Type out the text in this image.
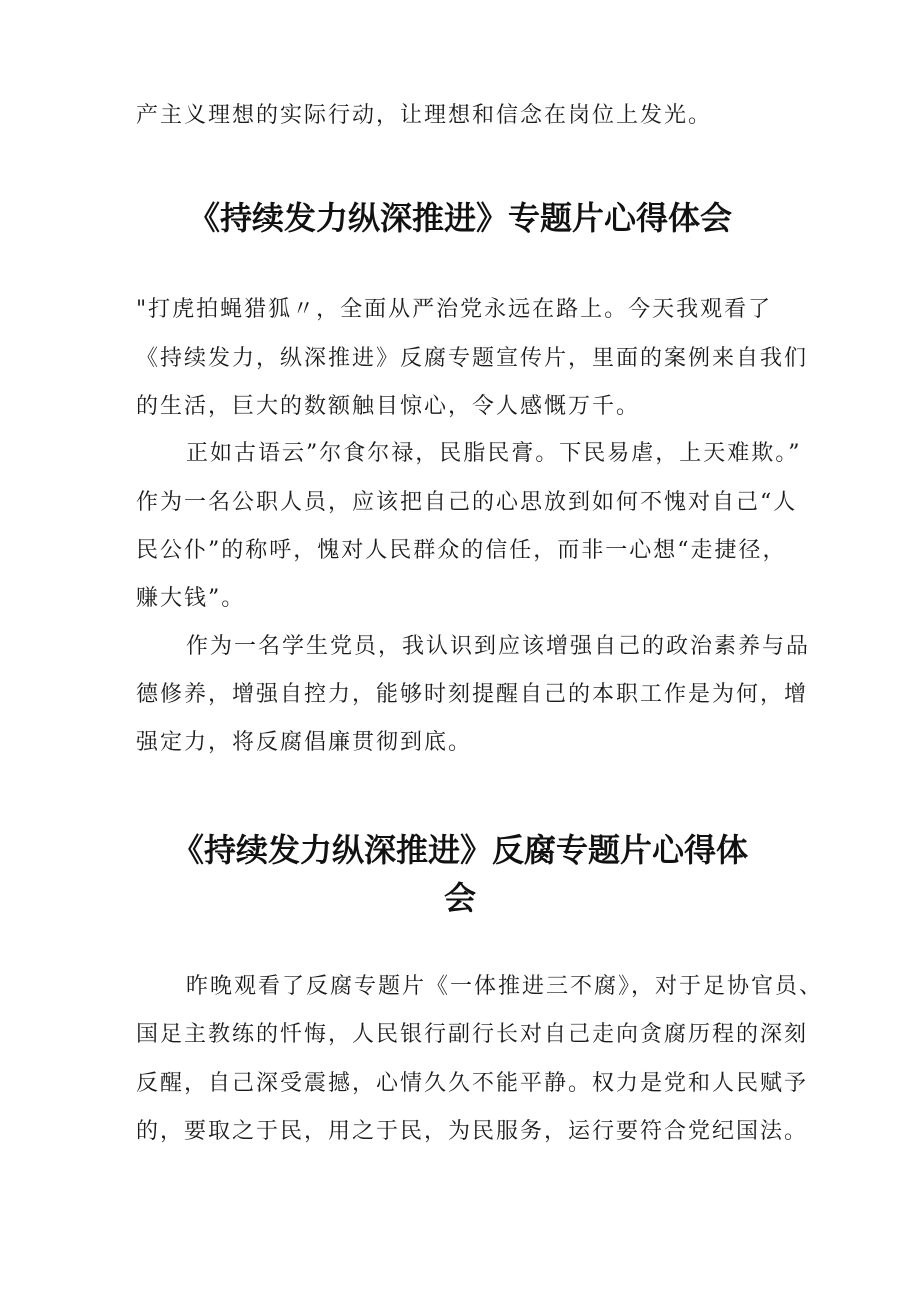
产主义理想的实际行动，让理想和信念在岗位上发光。

《持续发力纵深推进》专题片心得体会

"打虎拍蝇猎狐〃，全面从严治党永远在路上。今天我观看了

《持续发力，纵深推进》反腐专题宣传片，里面的案例来自我们

的生活，巨大的数额触目惊心，令人感慨万千。

正如古语云”尔食尔禄，民脂民膏。下民易虐，上天难欺。”

作为一名公职人员，应该把自己的心思放到如何不愧对自己“人

民公仆”的称呼，愧对人民群众的信任，而非一心想“走捷径，

赚大钱”。

作为一名学生党员，我认识到应该增强自己的政治素养与品

德修养，增强自控力，能够时刻提醒自己的本职工作是为何，增

强定力，将反腐倡廉贯彻到底。

《持续发力纵深推进》反腐专题片心得体
会

昨晚观看了反腐专题片《一体推进三不腐》，对于足协官员、

国足主教练的忏悔，人民银行副行长对自己走向贪腐历程的深刻

反醒，自己深受震撼，心情久久不能平静。权力是党和人民赋予

的，要取之于民，用之于民，为民服务，运行要符合党纪国法。
